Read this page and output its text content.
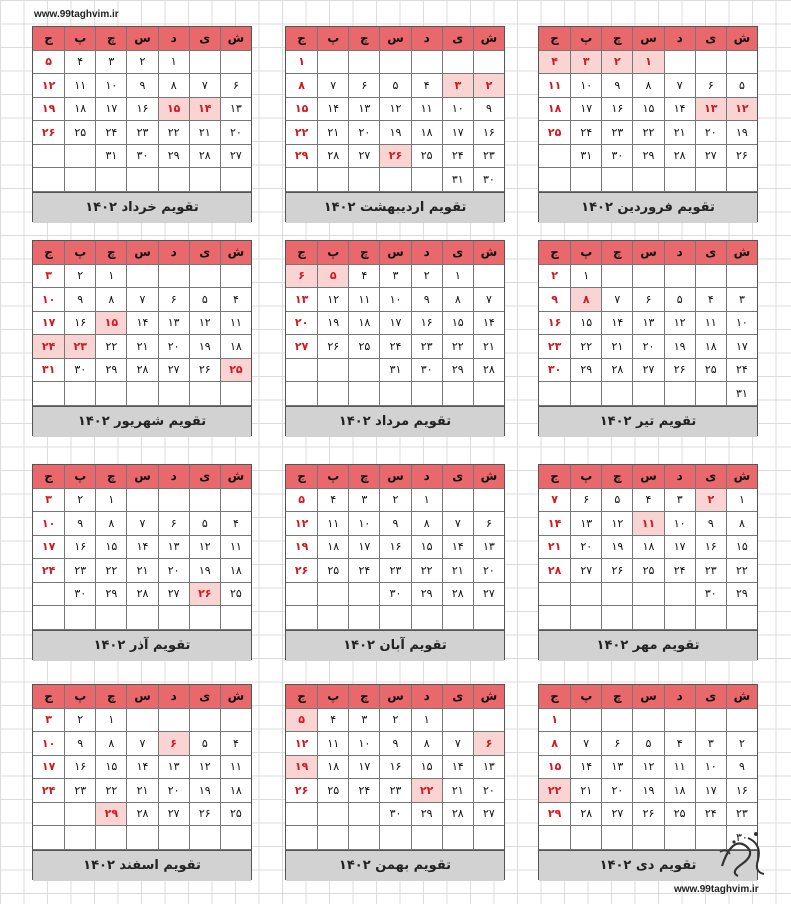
www.99taghvim.ir
ش
ی
د
س
چ
پ
ج
۱
۲
۳
۴
۵
۶
۷
۸
۹
۱۰
۱۱
۱۲
۱۳
۱۴
۱۵
۱۶
۱۷
۱۸
۱۹
۲۰
۲۱
۲۲
۲۳
۲۴
۲۵
۲۶
۲۷
۲۸
۲۹
۳۰
۳۱
تقویم فروردین ۱۴۰۲
ش
ی
د
س
چ
پ
ج
۱
۲
۳
۴
۵
۶
۷
۸
۹
۱۰
۱۱
۱۲
۱۳
۱۴
۱۵
۱۶
۱۷
۱۸
۱۹
۲۰
۲۱
۲۲
۲۳
۲۴
۲۵
۲۶
۲۷
۲۸
۲۹
۳۰
۳۱
تقویم اردیبهشت ۱۴۰۲
ش
ی
د
س
چ
پ
ج
۱
۲
۳
۴
۵
۶
۷
۸
۹
۱۰
۱۱
۱۲
۱۳
۱۴
۱۵
۱۶
۱۷
۱۸
۱۹
۲۰
۲۱
۲۲
۲۳
۲۴
۲۵
۲۶
۲۷
۲۸
۲۹
۳۰
۳۱
تقویم خرداد ۱۴۰۲
ش
ی
د
س
چ
پ
ج
۱
۲
۳
۴
۵
۶
۷
۸
۹
۱۰
۱۱
۱۲
۱۳
۱۴
۱۵
۱۶
۱۷
۱۸
۱۹
۲۰
۲۱
۲۲
۲۳
۲۴
۲۵
۲۶
۲۷
۲۸
۲۹
۳۰
۳۱
تقویم تیر ۱۴۰۲
ش
ی
د
س
چ
پ
ج
۱
۲
۳
۴
۵
۶
۷
۸
۹
۱۰
۱۱
۱۲
۱۳
۱۴
۱۵
۱۶
۱۷
۱۸
۱۹
۲۰
۲۱
۲۲
۲۳
۲۴
۲۵
۲۶
۲۷
۲۸
۲۹
۳۰
۳۱
تقویم مرداد ۱۴۰۲
ش
ی
د
س
چ
پ
ج
۱
۲
۳
۴
۵
۶
۷
۸
۹
۱۰
۱۱
۱۲
۱۳
۱۴
۱۵
۱۶
۱۷
۱۸
۱۹
۲۰
۲۱
۲۲
۲۳
۲۴
۲۵
۲۶
۲۷
۲۸
۲۹
۳۰
۳۱
تقویم شهریور ۱۴۰۲
ش
ی
د
س
چ
پ
ج
۱
۲
۳
۴
۵
۶
۷
۸
۹
۱۰
۱۱
۱۲
۱۳
۱۴
۱۵
۱۶
۱۷
۱۸
۱۹
۲۰
۲۱
۲۲
۲۳
۲۴
۲۵
۲۶
۲۷
۲۸
۲۹
۳۰
تقویم مهر ۱۴۰۲
ش
ی
د
س
چ
پ
ج
۱
۲
۳
۴
۵
۶
۷
۸
۹
۱۰
۱۱
۱۲
۱۳
۱۴
۱۵
۱۶
۱۷
۱۸
۱۹
۲۰
۲۱
۲۲
۲۳
۲۴
۲۵
۲۶
۲۷
۲۸
۲۹
۳۰
تقویم آبان ۱۴۰۲
ش
ی
د
س
چ
پ
ج
۱
۲
۳
۴
۵
۶
۷
۸
۹
۱۰
۱۱
۱۲
۱۳
۱۴
۱۵
۱۶
۱۷
۱۸
۱۹
۲۰
۲۱
۲۲
۲۳
۲۴
۲۵
۲۶
۲۷
۲۸
۲۹
۳۰
تقویم آذر ۱۴۰۲
ش
ی
د
س
چ
پ
ج
۱
۲
۳
۴
۵
۶
۷
۸
۹
۱۰
۱۱
۱۲
۱۳
۱۴
۱۵
۱۶
۱۷
۱۸
۱۹
۲۰
۲۱
۲۲
۲۳
۲۴
۲۵
۲۶
۲۷
۲۸
۲۹
۳۰
تقویم دی ۱۴۰۲
ش
ی
د
س
چ
پ
ج
۱
۲
۳
۴
۵
۶
۷
۸
۹
۱۰
۱۱
۱۲
۱۳
۱۴
۱۵
۱۶
۱۷
۱۸
۱۹
۲۰
۲۱
۲۲
۲۳
۲۴
۲۵
۲۶
۲۷
۲۸
۲۹
۳۰
تقویم بهمن ۱۴۰۲
ش
ی
د
س
چ
پ
ج
۱
۲
۳
۴
۵
۶
۷
۸
۹
۱۰
۱۱
۱۲
۱۳
۱۴
۱۵
۱۶
۱۷
۱۸
۱۹
۲۰
۲۱
۲۲
۲۳
۲۴
۲۵
۲۶
۲۷
۲۸
۲۹
تقویم اسفند ۱۴۰۲
www.99taghvim.ir
